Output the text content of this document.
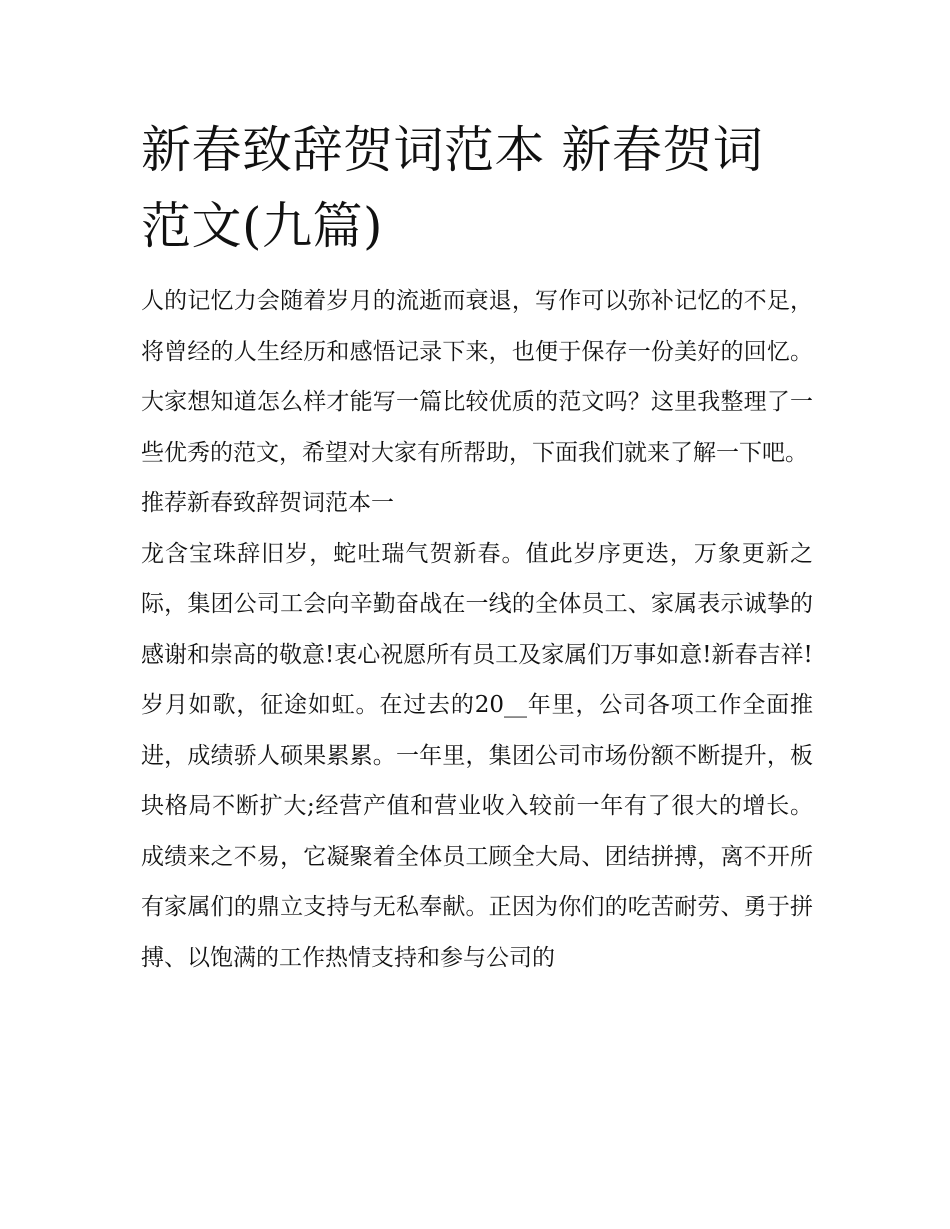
新春致辞贺词范本 新春贺词范文(九篇)

人的记忆力会随着岁月的流逝而衰退，写作可以弥补记忆的不足，将曾经的人生经历和感悟记录下来，也便于保存一份美好的回忆。大家想知道怎么样才能写一篇比较优质的范文吗？这里我整理了一些优秀的范文，希望对大家有所帮助，下面我们就来了解一下吧。

推荐新春致辞贺词范本一

龙含宝珠辞旧岁，蛇吐瑞气贺新春。值此岁序更迭，万象更新之际，集团公司工会向辛勤奋战在一线的全体员工、家属表示诚挚的感谢和崇高的敬意!衷心祝愿所有员工及家属们万事如意!新春吉祥!

岁月如歌，征途如虹。在过去的20__年里，公司各项工作全面推进，成绩骄人硕果累累。一年里，集团公司市场份额不断提升，板块格局不断扩大;经营产值和营业收入较前一年有了很大的增长。成绩来之不易，它凝聚着全体员工顾全大局、团结拼搏，离不开所有家属们的鼎立支持与无私奉献。正因为你们的吃苦耐劳、勇于拼搏、以饱满的工作热情支持和参与公司的
